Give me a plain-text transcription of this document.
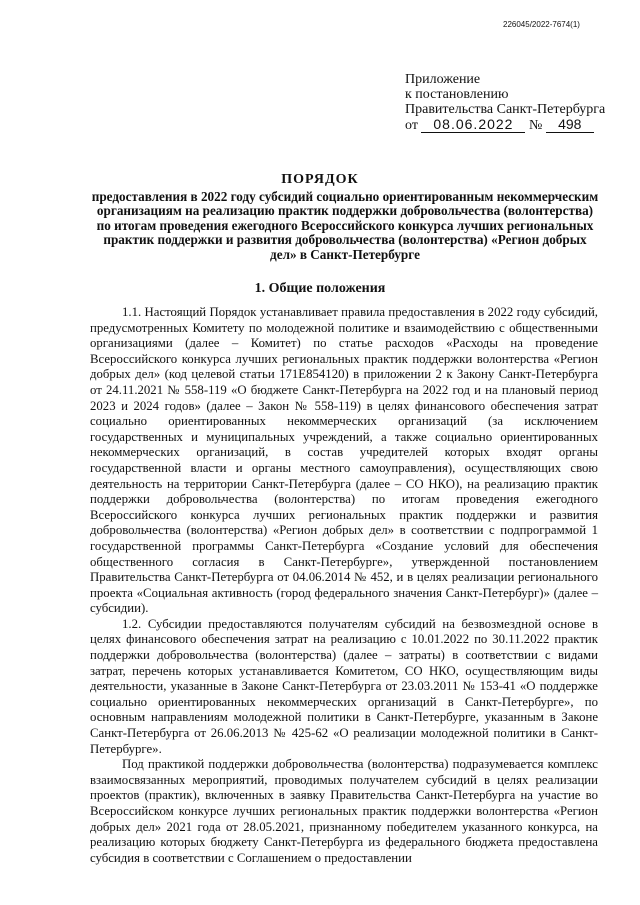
226045/2022-7674(1)
Приложение
к постановлению
Правительства Санкт-Петербурга
от 08.06.2022 № 498
ПОРЯДОК
предоставления в 2022 году субсидий социально ориентированным некоммерческим организациям на реализацию практик поддержки добровольчества (волонтерства) по итогам проведения ежегодного Всероссийского конкурса лучших региональных практик поддержки и развития добровольчества (волонтерства) «Регион добрых дел» в Санкт-Петербурге
1. Общие положения

1.1. Настоящий Порядок устанавливает правила предоставления в 2022 году субсидий, предусмотренных Комитету по молодежной политике и взаимодействию с общественными организациями (далее – Комитет) по статье расходов «Расходы на проведение Всероссийского конкурса лучших региональных практик поддержки волонтерства «Регион добрых дел» (код целевой статьи 171E854120) в приложении 2 к Закону Санкт-Петербурга от 24.11.2021 № 558-119 «О бюджете Санкт-Петербурга на 2022 год и на плановый период 2023 и 2024 годов» (далее – Закон № 558-119) в целях финансового обеспечения затрат социально ориентированных некоммерческих организаций (за исключением государственных и муниципальных учреждений, а также социально ориентированных некоммерческих организаций, в состав учредителей которых входят органы государственной власти и органы местного самоуправления), осуществляющих свою деятельность на территории Санкт-Петербурга (далее – СО НКО), на реализацию практик поддержки добровольчества (волонтерства) по итогам проведения ежегодного Всероссийского конкурса лучших региональных практик поддержки и развития добровольчества (волонтерства) «Регион добрых дел» в соответствии с подпрограммой 1 государственной программы Санкт-Петербурга «Создание условий для обеспечения общественного согласия в Санкт-Петербурге», утвержденной постановлением Правительства Санкт-Петербурга от 04.06.2014 № 452, и в целях реализации регионального проекта «Социальная активность (город федерального значения Санкт-Петербург)» (далее – субсидии).

1.2. Субсидии предоставляются получателям субсидий на безвозмездной основе в целях финансового обеспечения затрат на реализацию с 10.01.2022 по 30.11.2022 практик поддержки добровольчества (волонтерства) (далее – затраты) в соответствии с видами затрат, перечень которых устанавливается Комитетом, СО НКО, осуществляющим виды деятельности, указанные в Законе Санкт-Петербурга от 23.03.2011 № 153-41 «О поддержке социально ориентированных некоммерческих организаций в Санкт-Петербурге», по основным направлениям молодежной политики в Санкт-Петербурге, указанным в Законе Санкт-Петербурга от 26.06.2013 № 425-62 «О реализации молодежной политики в Санкт-Петербурге».

Под практикой поддержки добровольчества (волонтерства) подразумевается комплекс взаимосвязанных мероприятий, проводимых получателем субсидий в целях реализации проектов (практик), включенных в заявку Правительства Санкт-Петербурга на участие во Всероссийском конкурсе лучших региональных практик поддержки волонтерства «Регион добрых дел» 2021 года от 28.05.2021, признанному победителем указанного конкурса, на реализацию которых бюджету Санкт-Петербурга из федерального бюджета предоставлена субсидия в соответствии с Соглашением о предоставлении
